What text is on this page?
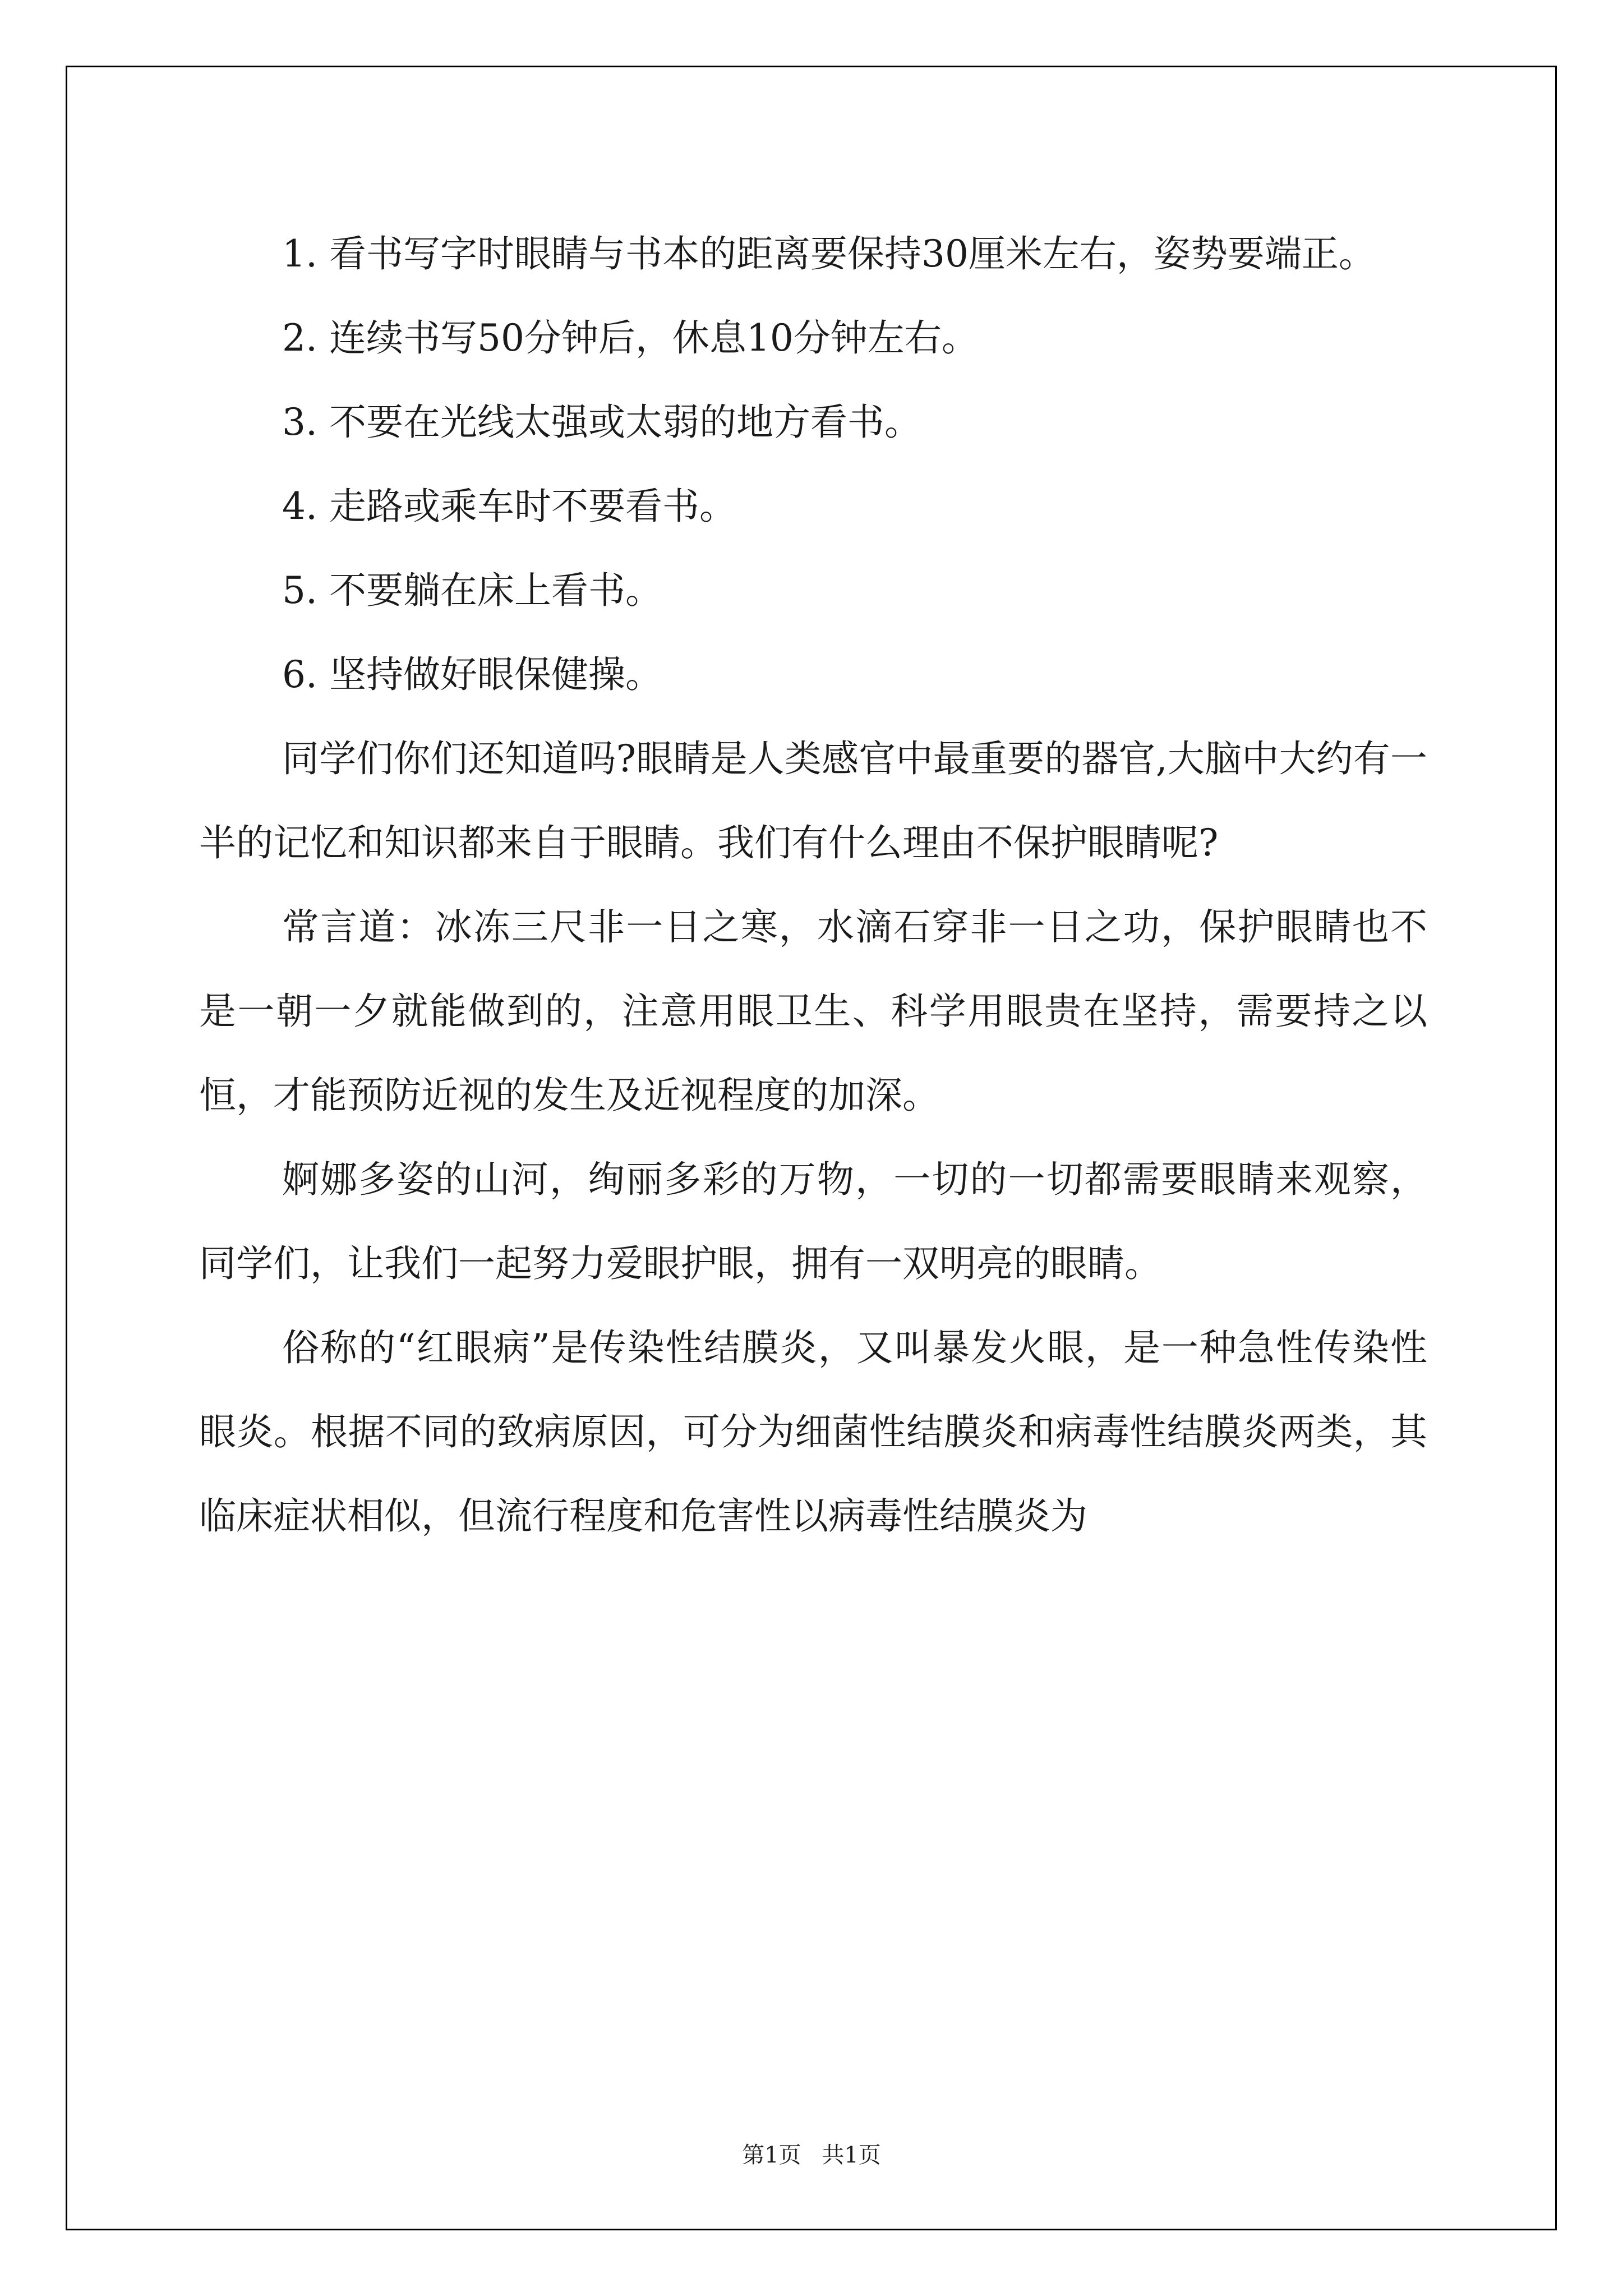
1. 看书写字时眼睛与书本的距离要保持30厘米左右，姿势要端正。

2. 连续书写50分钟后，休息10分钟左右。

3. 不要在光线太强或太弱的地方看书。

4. 走路或乘车时不要看书。

5. 不要躺在床上看书。

6. 坚持做好眼保健操。

同学们你们还知道吗?眼睛是人类感官中最重要的器官,大脑中大约有一半的记忆和知识都来自于眼睛。我们有什么理由不保护眼睛呢?

常言道：冰冻三尺非一日之寒，水滴石穿非一日之功，保护眼睛也不是一朝一夕就能做到的，注意用眼卫生、科学用眼贵在坚持，需要持之以恒，才能预防近视的发生及近视程度的加深。

婀娜多姿的山河，绚丽多彩的万物，一切的一切都需要眼睛来观察，同学们，让我们一起努力爱眼护眼，拥有一双明亮的眼睛。

俗称的“红眼病”是传染性结膜炎，又叫暴发火眼，是一种急性传染性眼炎。根据不同的致病原因，可分为细菌性结膜炎和病毒性结膜炎两类，其临床症状相似，但流行程度和危害性以病毒性结膜炎为

第1页 共1页
